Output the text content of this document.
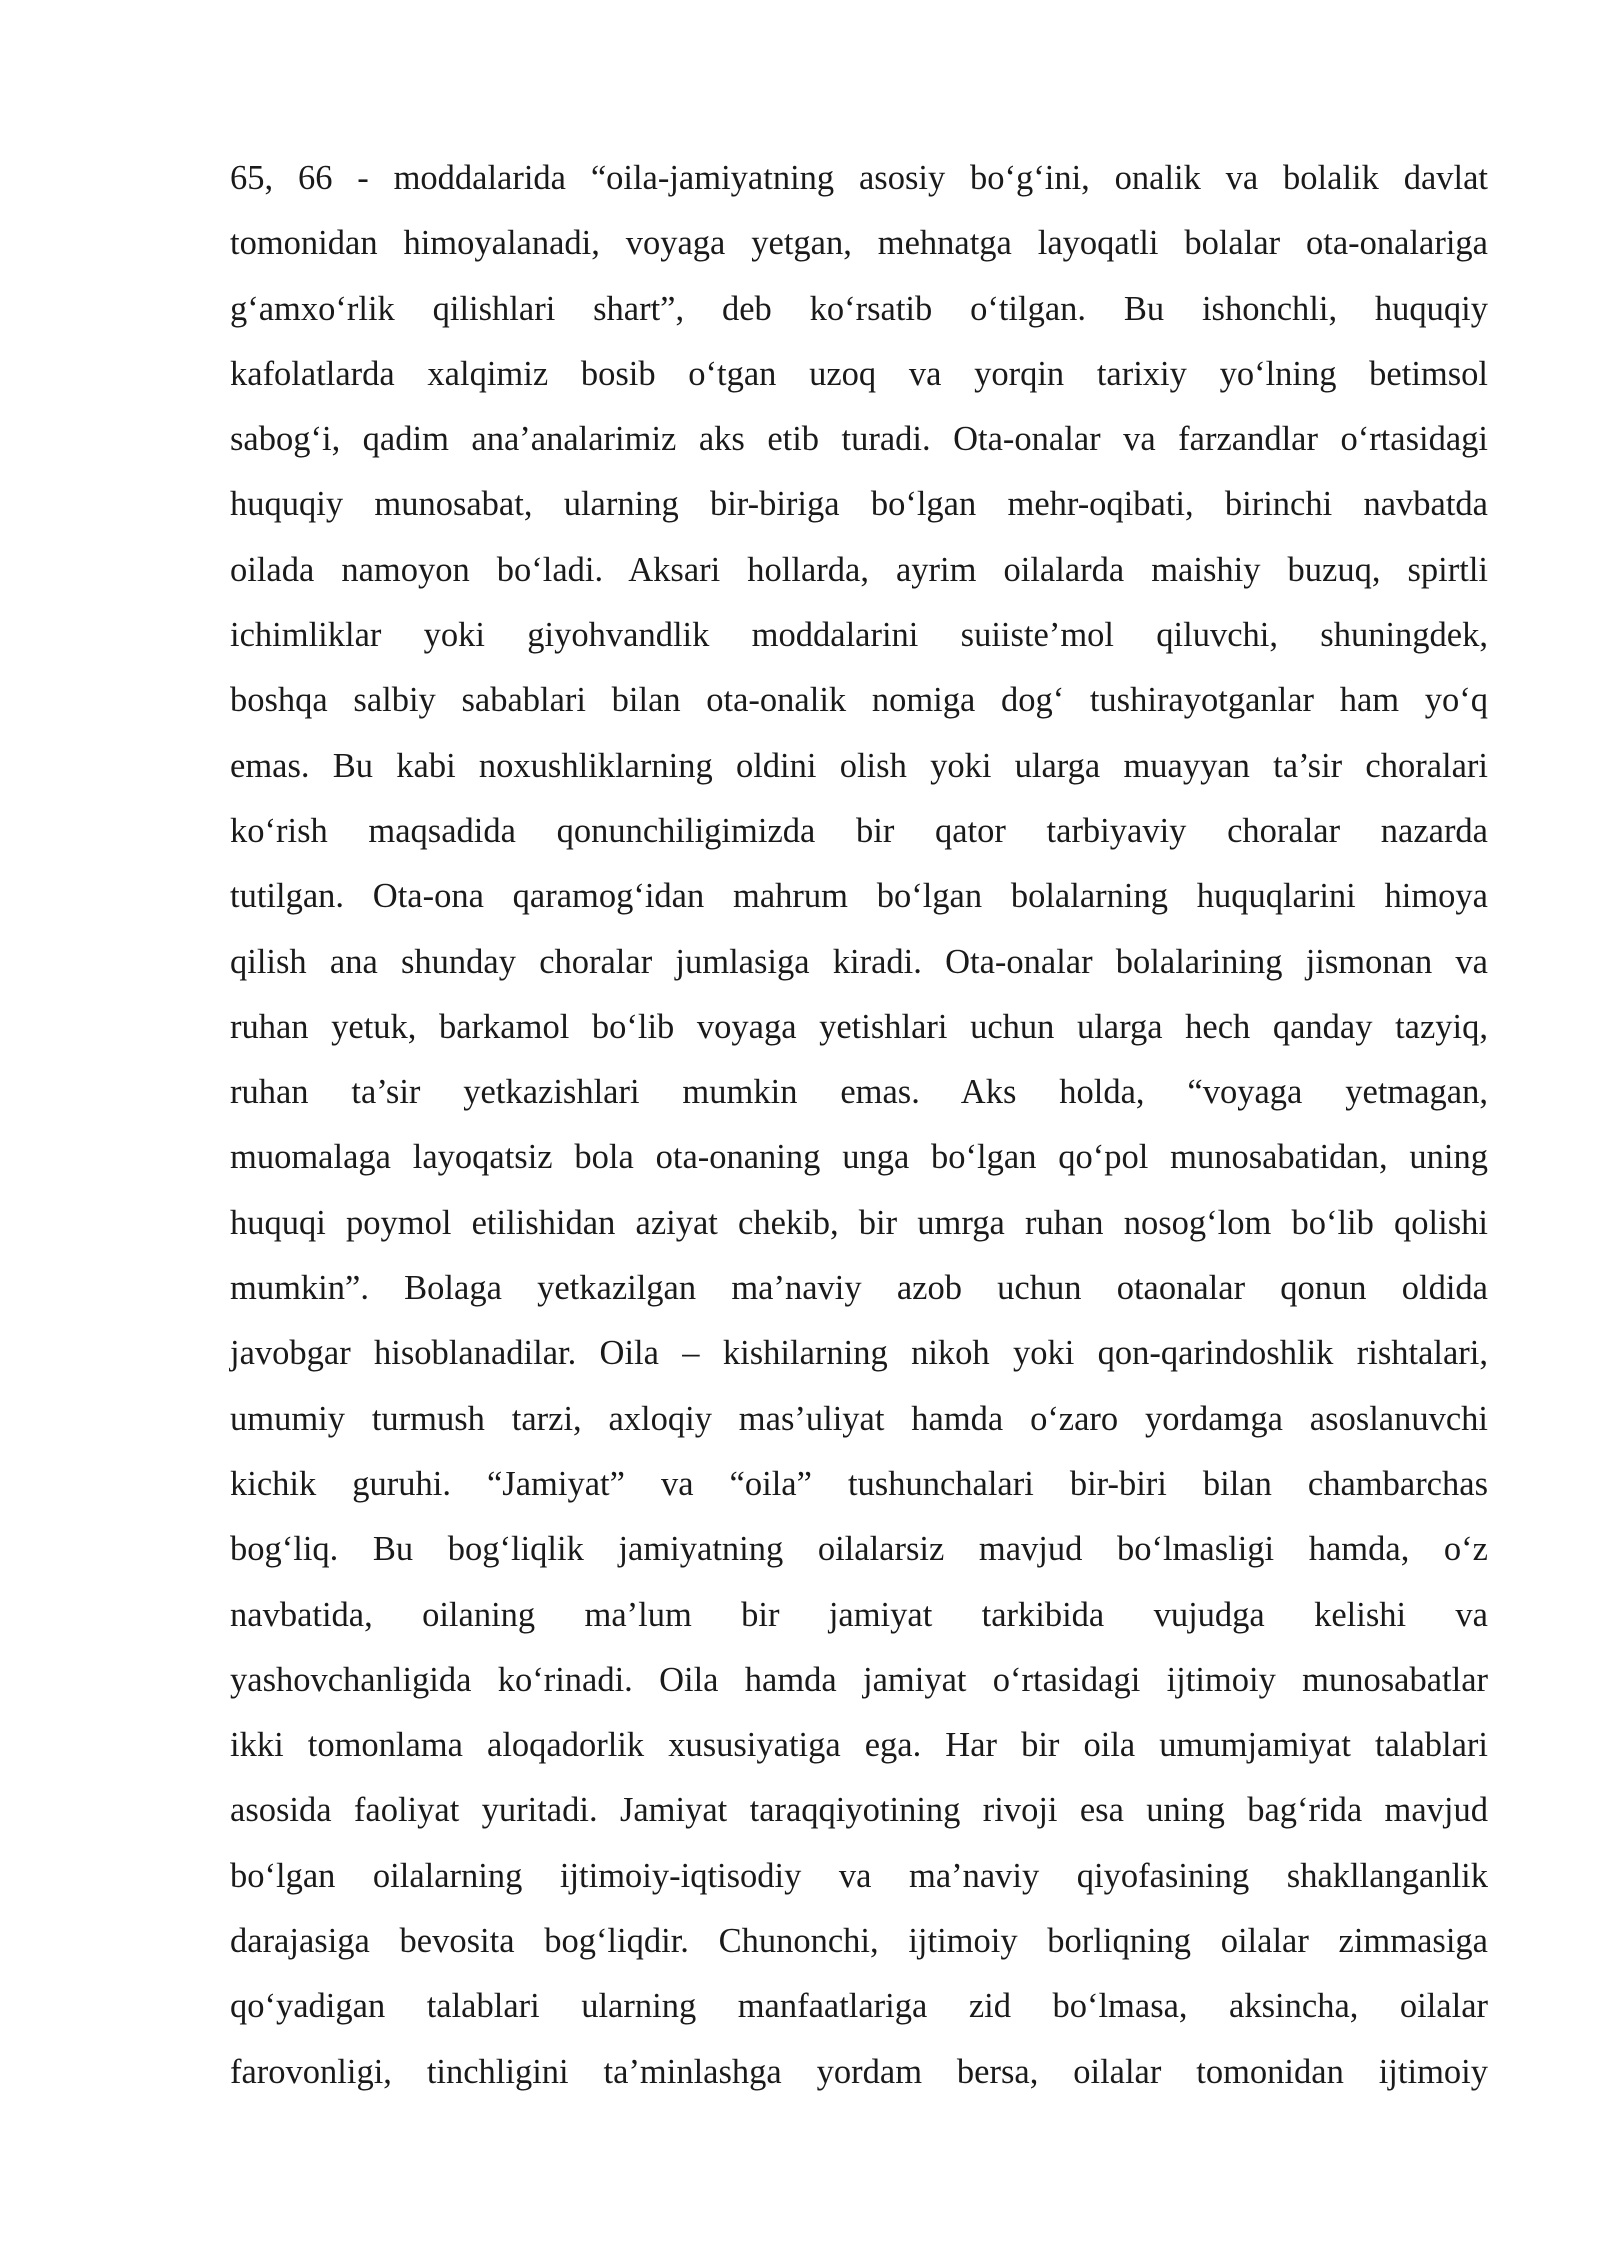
65, 66 - moddalarida “oila-jamiyatning asosiy bo‘g‘ini, onalik va bolalik davlat
tomonidan himoyalanadi, voyaga yetgan, mehnatga layoqatli bolalar ota-onalariga
g‘amxo‘rlik qilishlari shart”, deb ko‘rsatib o‘tilgan. Bu ishonchli, huquqiy
kafolatlarda xalqimiz bosib o‘tgan uzoq va yorqin tarixiy yo‘lning betimsol
sabog‘i, qadim ana’analarimiz aks etib turadi. Ota-onalar va farzandlar o‘rtasidagi
huquqiy munosabat, ularning bir-biriga bo‘lgan mehr-oqibati, birinchi navbatda
oilada namoyon bo‘ladi. Aksari hollarda, ayrim oilalarda maishiy buzuq, spirtli
ichimliklar yoki giyohvandlik moddalarini suiiste’mol qiluvchi, shuningdek,
boshqa salbiy sabablari bilan ota-onalik nomiga dog‘ tushirayotganlar ham yo‘q
emas. Bu kabi noxushliklarning oldini olish yoki ularga muayyan ta’sir choralari
ko‘rish maqsadida qonunchiligimizda bir qator tarbiyaviy choralar nazarda
tutilgan. Ota-ona qaramog‘idan mahrum bo‘lgan bolalarning huquqlarini himoya
qilish ana shunday choralar jumlasiga kiradi. Ota-onalar bolalarining jismonan va
ruhan yetuk, barkamol bo‘lib voyaga yetishlari uchun ularga hech qanday tazyiq,
ruhan ta’sir yetkazishlari mumkin emas. Aks holda, “voyaga yetmagan,
muomalaga layoqatsiz bola ota-onaning unga bo‘lgan qo‘pol munosabatidan, uning
huquqi poymol etilishidan aziyat chekib, bir umrga ruhan nosog‘lom bo‘lib qolishi
mumkin”. Bolaga yetkazilgan ma’naviy azob uchun otaonalar qonun oldida
javobgar hisoblanadilar. Oila – kishilarning nikoh yoki qon-qarindoshlik rishtalari,
umumiy turmush tarzi, axloqiy mas’uliyat hamda o‘zaro yordamga asoslanuvchi
kichik guruhi. “Jamiyat” va “oila” tushunchalari bir-biri bilan chambarchas
bog‘liq. Bu bog‘liqlik jamiyatning oilalarsiz mavjud bo‘lmasligi hamda, o‘z
navbatida, oilaning ma’lum bir jamiyat tarkibida vujudga kelishi va
yashovchanligida ko‘rinadi. Oila hamda jamiyat o‘rtasidagi ijtimoiy munosabatlar
ikki tomonlama aloqadorlik xususiyatiga ega. Har bir oila umumjamiyat talablari
asosida faoliyat yuritadi. Jamiyat taraqqiyotining rivoji esa uning bag‘rida mavjud
bo‘lgan oilalarning ijtimoiy-iqtisodiy va ma’naviy qiyofasining shakllanganlik
darajasiga bevosita bog‘liqdir. Chunonchi, ijtimoiy borliqning oilalar zimmasiga
qo‘yadigan talablari ularning manfaatlariga zid bo‘lmasa, aksincha, oilalar
farovonligi, tinchligini ta’minlashga yordam bersa, oilalar tomonidan ijtimoiy
